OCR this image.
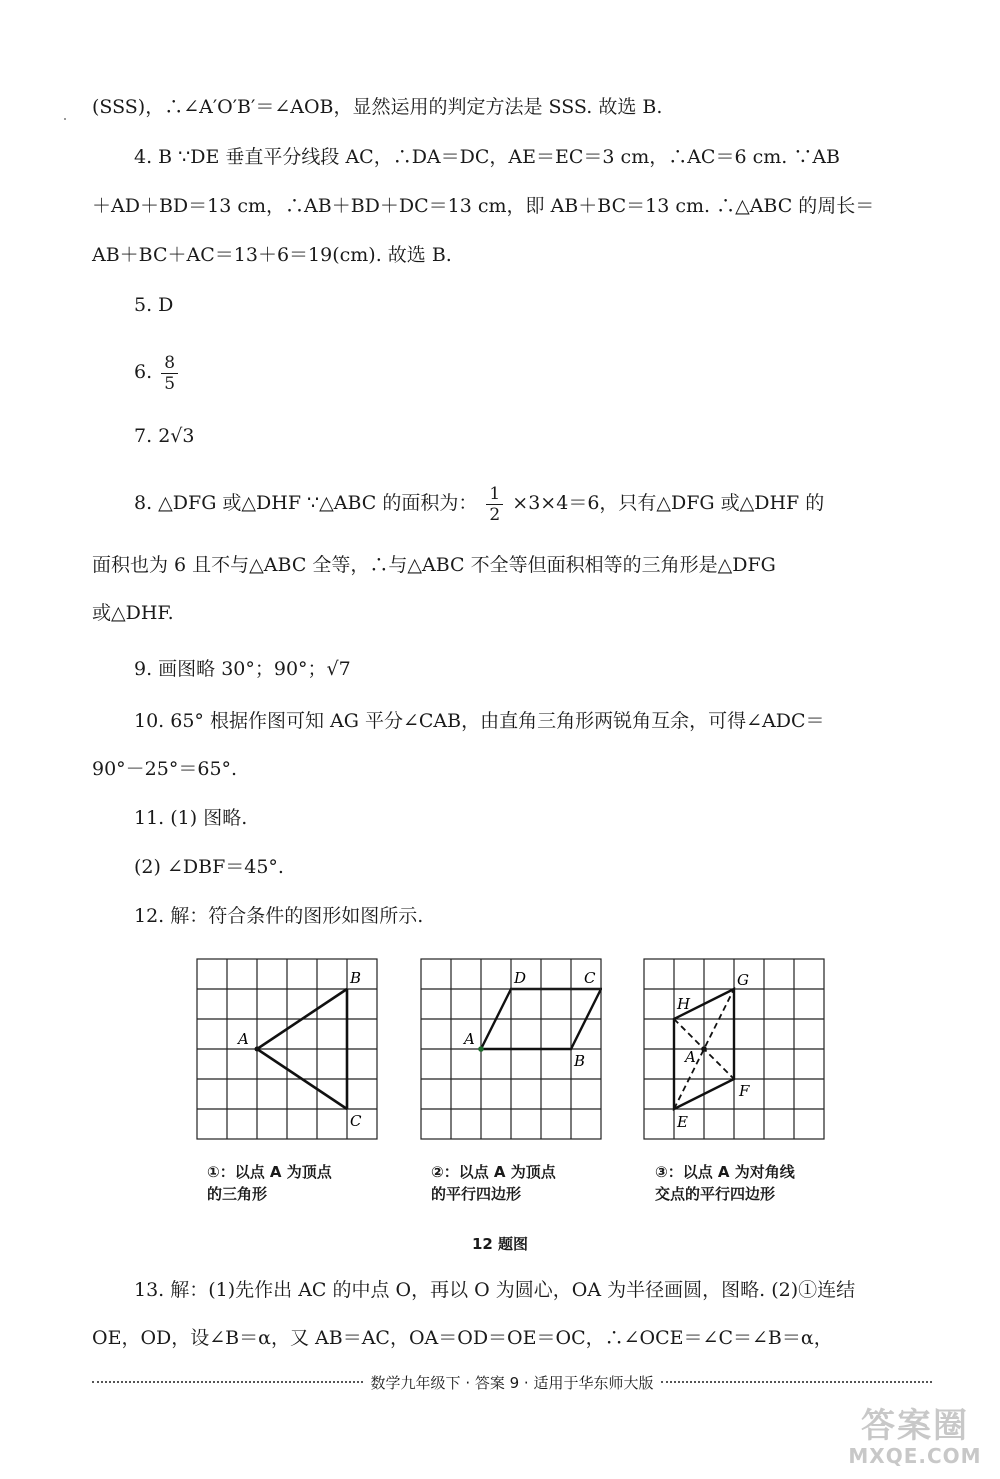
(SSS)，∴∠A′O′B′＝∠AOB，显然运用的判定方法是 SSS. 故选 B.
4. B ∵DE 垂直平分线段 AC，∴DA＝DC，AE＝EC＝3 cm，∴AC＝6 cm. ∵AB
＋AD＋BD＝13 cm，∴AB＋BD＋DC＝13 cm，即 AB＋BC＝13 cm. ∴△ABC 的周长＝
AB＋BC＋AC＝13＋6＝19(cm). 故选 B.
5. D
6. $\frac{8}{5}$
7. 2√3
8. △DFG 或△DHF ∵△ABC 的面积为： $\frac{1}{2} \times 3\times 4=6$，只有△DFG 或△DHF 的
面积也为 6 且不与△ABC 全等，∴与△ABC 不全等但面积相等的三角形是△DFG
或△DHF.
9. 画图略 30°；90°；√7
10. 65° 根据作图可知 AG 平分∠CAB，由直角三角形两锐角互余，可得∠ADC＝
90°－25°＝65°.
11. (1) 图略.
(2) ∠DBF＝45°.
12. 解：符合条件的图形如图所示.
A
B
C
①：以点 A 为顶点
的三角形
A
D	C
B
②：以点 A 为顶点
的平行四边形
A
G
H
F
E
③：以点 A 为对角线
交点的平行四边形
12 题图
13. 解：(1)先作出 AC 的中点 O，再以 O 为圆心，OA 为半径画圆，图略. (2)①连结
OE，OD，设∠B＝α，又 AB＝AC，OA＝OD＝OE＝OC，∴∠OCE＝∠C＝∠B＝α，
数学九年级下 · 答案 9 · 适用于华东师大版
答案圈
MXQE.COM
